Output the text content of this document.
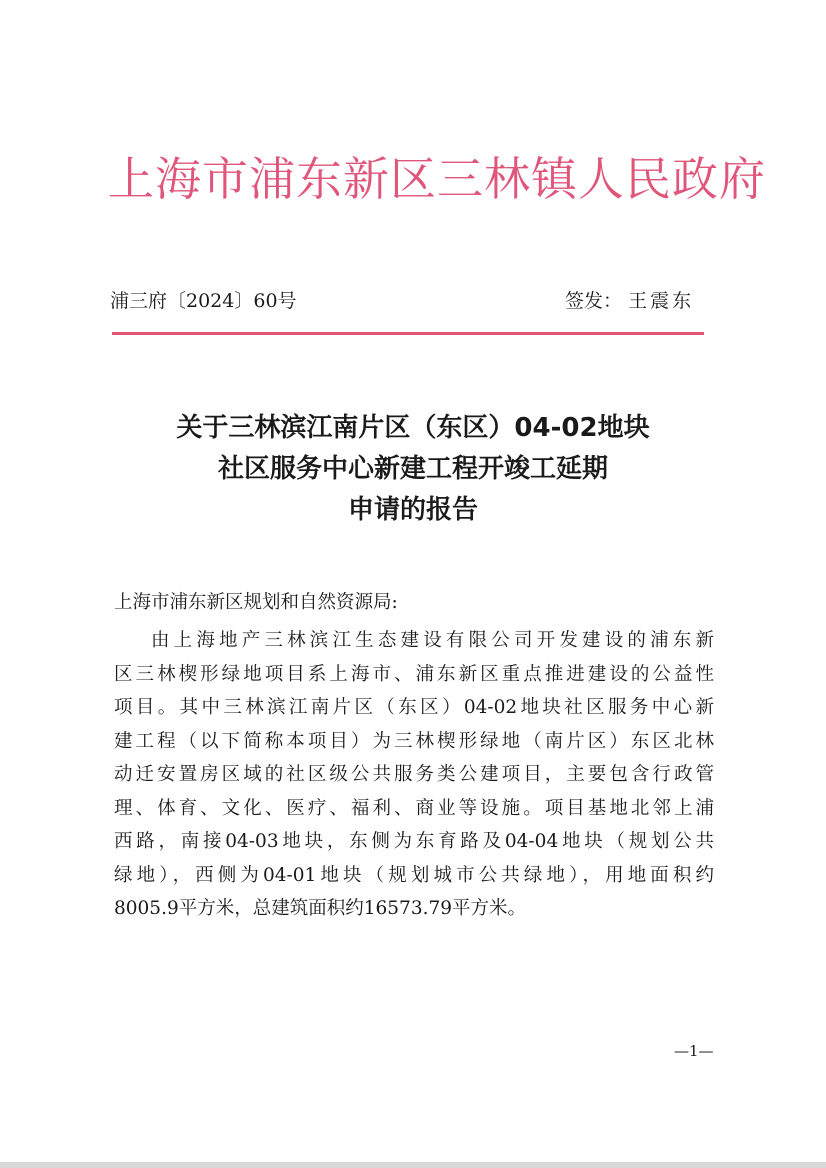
上海市浦东新区三林镇人民政府
浦三府〔2024〕60号	签发： 王震东
关于三林滨江南片区（东区）04-02地块
社区服务中心新建工程开竣工延期
申请的报告
上海市浦东新区规划和自然资源局:
由上海地产三林滨江生态建设有限公司开发建设的浦东新
区三林楔形绿地项目系上海市、浦东新区重点推进建设的公益性
项目。其中三林滨江南片区（东区）04-02地块社区服务中心新
建工程（以下简称本项目）为三林楔形绿地（南片区）东区北林
动迁安置房区域的社区级公共服务类公建项目，主要包含行政管
理、体育、文化、医疗、福利、商业等设施。项目基地北邻上浦
西路，南接04-03地块，东侧为东育路及04-04地块（规划公共
绿地），西侧为04-01地块（规划城市公共绿地），用地面积约
8005.9平方米，总建筑面积约16573.79平方米。
—1—
